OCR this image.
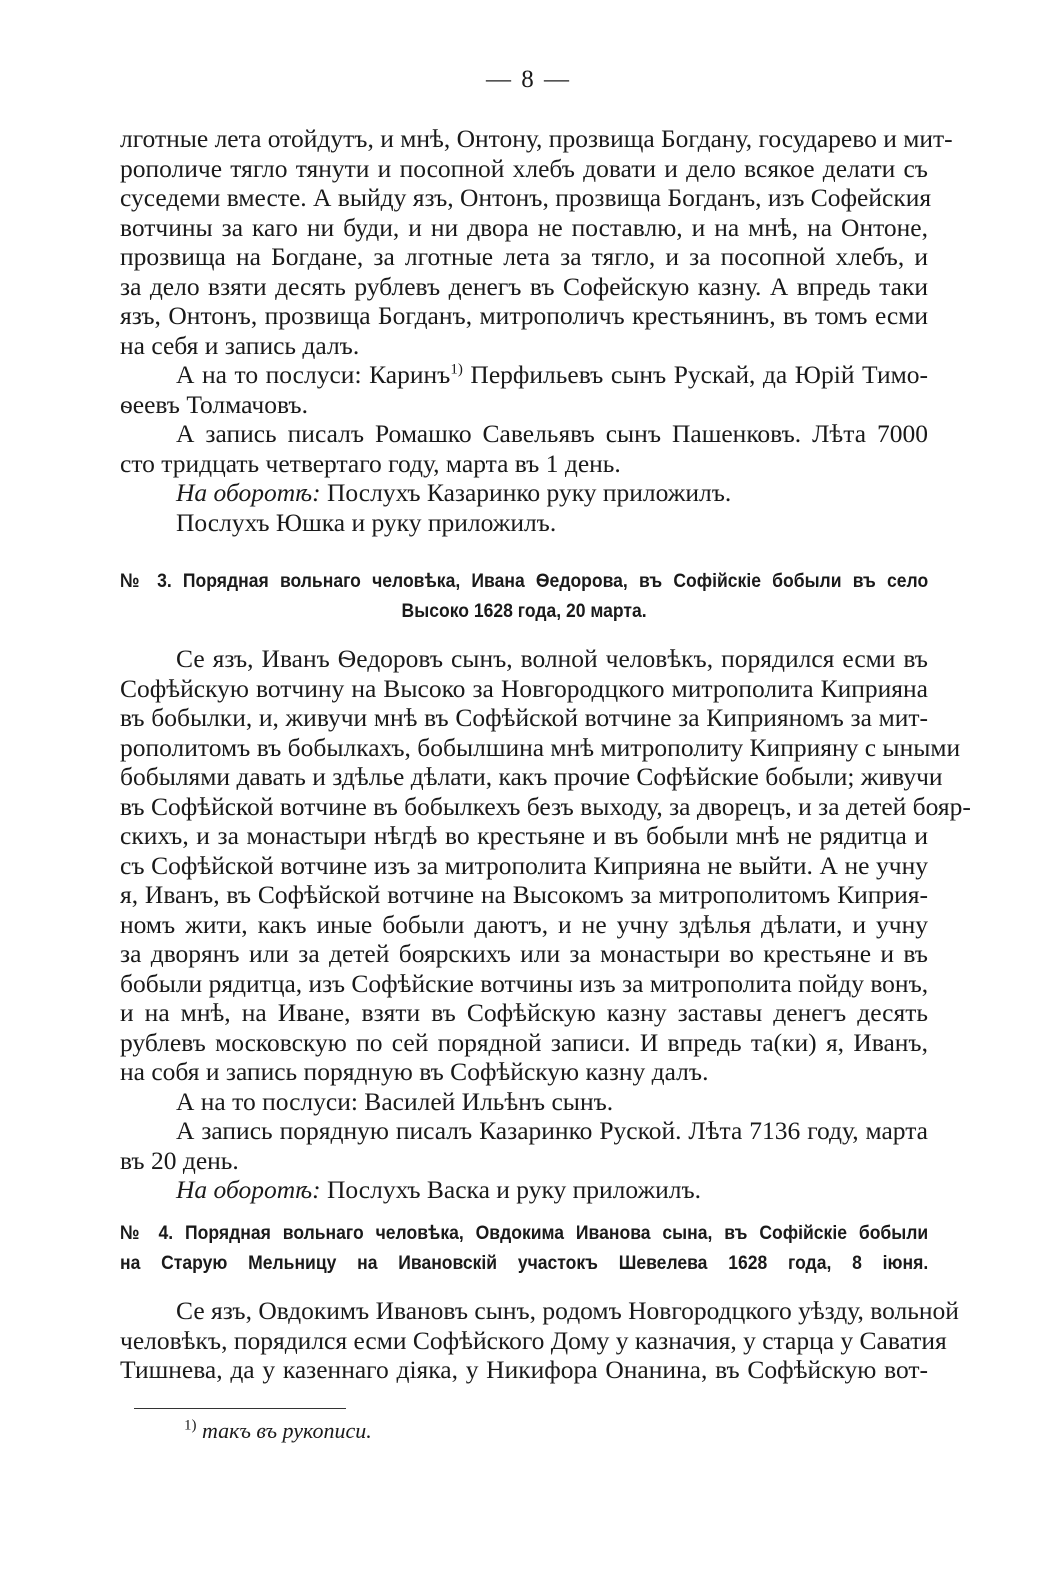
— 8 —
лготные лета отойдутъ, и мнѣ, Онтону, прозвища Богдану, государево и мит-
рополиче тягло тянути и посопной хлебъ довати и дело всякое делати съ
суседеми вместе. А выйду язъ, Онтонъ, прозвища Богданъ, изъ Софейския
вотчины за каго ни буди, и ни двора не поставлю, и на мнѣ, на Онтоне,
прозвища на Богдане, за лготные лета за тягло, и за посопной хлебъ, и
за дело взяти десять рублевъ денегъ въ Софейскую казну. А впредь таки
язъ, Онтонъ, прозвища Богданъ, митрополичъ крестьянинъ, въ томъ есми
на себя и запись далъ.
А на то послуси: Каринъ$^{1)}$ Перфильевъ сынъ Рускай, да Юрій Тимо-
ѳеевъ Толмачовъ.
А запись писалъ Ромашко Савельявъ сынъ Пашенковъ. Лѣта 7000
сто тридцать четвертаго году, марта въ 1 день.
На оборотѣ: Послухъ Казаринко руку приложилъ.
Послухъ Юшка и руку приложилъ.
№ 3. Порядная вольнаго человѣка, Ивана Ѳедорова, въ Софійскіе бобыли въ село
Высоко 1628 года, 20 марта.
Се язъ, Иванъ Ѳедоровъ сынъ, волной человѣкъ, порядился есми въ
Софѣйскую вотчину на Высоко за Новгородцкого митрополита Киприяна
въ бобылки, и, живучи мнѣ въ Софѣйской вотчине за Киприяномъ за мит-
рополитомъ въ бобылкахъ, бобылшина мнѣ митрополиту Киприяну с ыными
бобылями давать и здѣлье дѣлати, какъ прочие Софѣйские бобыли; живучи
въ Софѣйской вотчине въ бобылкехъ безъ выходу, за дворецъ, и за детей бояр-
скихъ, и за монастыри нѣгдѣ во крестьяне и въ бобыли мнѣ не рядитца и
съ Софѣйской вотчине изъ за митрополита Киприяна не выйти. А не учну
я, Иванъ, въ Софѣйской вотчине на Высокомъ за митрополитомъ Киприя-
номъ жити, какъ иные бобыли даютъ, и не учну здѣлья дѣлати, и учну
за дворянъ или за детей боярскихъ или за монастыри во крестьяне и въ
бобыли рядитца, изъ Софѣйские вотчины изъ за митрополита пойду вонъ,
и на мнѣ, на Иване, взяти въ Софѣйскую казну заставы денегъ десять
рублевъ московскую по сей порядной записи. И впредь та(ки) я, Иванъ,
на собя и запись порядную въ Софѣйскую казну далъ.
А на то послуси: Василей Ильѣнъ сынъ.
А запись порядную писалъ Казаринко Руской. Лѣта 7136 году, марта
въ 20 день.
На оборотѣ: Послухъ Васка и руку приложилъ.
№ 4. Порядная вольнаго человѣка, Овдокима Иванова сына, въ Софійскіе бобыли
на Старую Мельницу на Ивановскій участокъ Шевелева 1628 года, 8 іюня.
Се язъ, Овдокимъ Ивановъ сынъ, родомъ Новгородцкого уѣзду, вольной
человѣкъ, порядился есми Софѣйского Дому у казначия, у старца у Саватия
Тишнева, да у казеннаго дiяка, у Никифора Онанина, въ Софѣйскую вот-
$^{1)}$ такъ въ рукописи.
